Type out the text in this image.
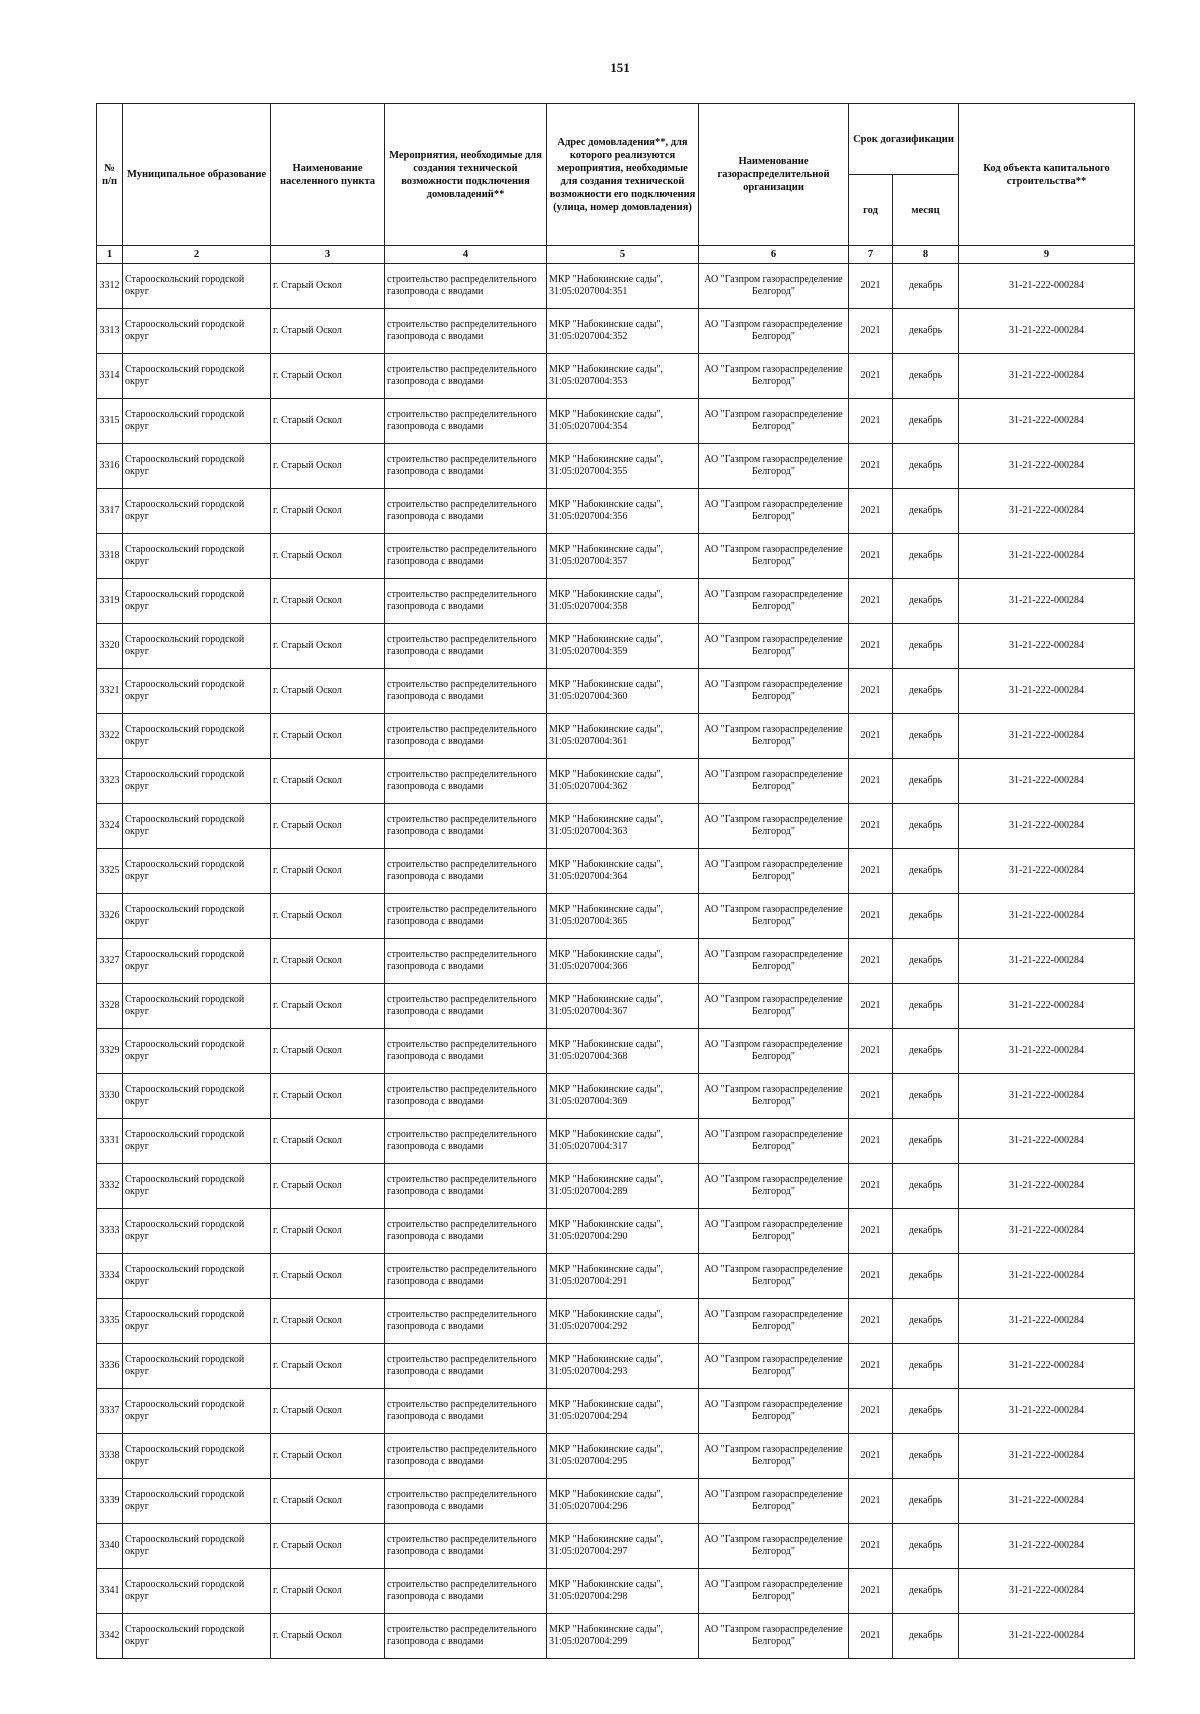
151
№ п/п	Муниципальное образование	Наименование населенного пункта	Мероприятия, необходимые для создания технической возможности подключения домовладений**	Адрес домовладения**, для которого реализуются мероприятия, необходимые для создания технической возможности его подключения (улица, номер домовладения)	Наименование газораспределительной организации	Срок догазификации		Код объекта капитального строительства**
						год	месяц	
1	2	3	4	5	6	7	8	9
3312	Старооскольский городской округ	г. Старый Оскол	строительство распределительного газопровода с вводами	МКР "Набокинские сады", 31:05:0207004:351	АО "Газпром газораспределение Белгород"	2021	декабрь	31-21-222-000284
3313	Старооскольский городской округ	г. Старый Оскол	строительство распределительного газопровода с вводами	МКР "Набокинские сады", 31:05:0207004:352	АО "Газпром газораспределение Белгород"	2021	декабрь	31-21-222-000284
3314	Старооскольский городской округ	г. Старый Оскол	строительство распределительного газопровода с вводами	МКР "Набокинские сады", 31:05:0207004:353	АО "Газпром газораспределение Белгород"	2021	декабрь	31-21-222-000284
3315	Старооскольский городской округ	г. Старый Оскол	строительство распределительного газопровода с вводами	МКР "Набокинские сады", 31:05:0207004:354	АО "Газпром газораспределение Белгород"	2021	декабрь	31-21-222-000284
3316	Старооскольский городской округ	г. Старый Оскол	строительство распределительного газопровода с вводами	МКР "Набокинские сады", 31:05:0207004:355	АО "Газпром газораспределение Белгород"	2021	декабрь	31-21-222-000284
3317	Старооскольский городской округ	г. Старый Оскол	строительство распределительного газопровода с вводами	МКР "Набокинские сады", 31:05:0207004:356	АО "Газпром газораспределение Белгород"	2021	декабрь	31-21-222-000284
3318	Старооскольский городской округ	г. Старый Оскол	строительство распределительного газопровода с вводами	МКР "Набокинские сады", 31:05:0207004:357	АО "Газпром газораспределение Белгород"	2021	декабрь	31-21-222-000284
3319	Старооскольский городской округ	г. Старый Оскол	строительство распределительного газопровода с вводами	МКР "Набокинские сады", 31:05:0207004:358	АО "Газпром газораспределение Белгород"	2021	декабрь	31-21-222-000284
3320	Старооскольский городской округ	г. Старый Оскол	строительство распределительного газопровода с вводами	МКР "Набокинские сады", 31:05:0207004:359	АО "Газпром газораспределение Белгород"	2021	декабрь	31-21-222-000284
3321	Старооскольский городской округ	г. Старый Оскол	строительство распределительного газопровода с вводами	МКР "Набокинские сады", 31:05:0207004:360	АО "Газпром газораспределение Белгород"	2021	декабрь	31-21-222-000284
3322	Старооскольский городской округ	г. Старый Оскол	строительство распределительного газопровода с вводами	МКР "Набокинские сады", 31:05:0207004:361	АО "Газпром газораспределение Белгород"	2021	декабрь	31-21-222-000284
3323	Старооскольский городской округ	г. Старый Оскол	строительство распределительного газопровода с вводами	МКР "Набокинские сады", 31:05:0207004:362	АО "Газпром газораспределение Белгород"	2021	декабрь	31-21-222-000284
3324	Старооскольский городской округ	г. Старый Оскол	строительство распределительного газопровода с вводами	МКР "Набокинские сады", 31:05:0207004:363	АО "Газпром газораспределение Белгород"	2021	декабрь	31-21-222-000284
3325	Старооскольский городской округ	г. Старый Оскол	строительство распределительного газопровода с вводами	МКР "Набокинские сады", 31:05:0207004:364	АО "Газпром газораспределение Белгород"	2021	декабрь	31-21-222-000284
3326	Старооскольский городской округ	г. Старый Оскол	строительство распределительного газопровода с вводами	МКР "Набокинские сады", 31:05:0207004:365	АО "Газпром газораспределение Белгород"	2021	декабрь	31-21-222-000284
3327	Старооскольский городской округ	г. Старый Оскол	строительство распределительного газопровода с вводами	МКР "Набокинские сады", 31:05:0207004:366	АО "Газпром газораспределение Белгород"	2021	декабрь	31-21-222-000284
3328	Старооскольский городской округ	г. Старый Оскол	строительство распределительного газопровода с вводами	МКР "Набокинские сады", 31:05:0207004:367	АО "Газпром газораспределение Белгород"	2021	декабрь	31-21-222-000284
3329	Старооскольский городской округ	г. Старый Оскол	строительство распределительного газопровода с вводами	МКР "Набокинские сады", 31:05:0207004:368	АО "Газпром газораспределение Белгород"	2021	декабрь	31-21-222-000284
3330	Старооскольский городской округ	г. Старый Оскол	строительство распределительного газопровода с вводами	МКР "Набокинские сады", 31:05:0207004:369	АО "Газпром газораспределение Белгород"	2021	декабрь	31-21-222-000284
3331	Старооскольский городской округ	г. Старый Оскол	строительство распределительного газопровода с вводами	МКР "Набокинские сады", 31:05:0207004:317	АО "Газпром газораспределение Белгород"	2021	декабрь	31-21-222-000284
3332	Старооскольский городской округ	г. Старый Оскол	строительство распределительного газопровода с вводами	МКР "Набокинские сады", 31:05:0207004:289	АО "Газпром газораспределение Белгород"	2021	декабрь	31-21-222-000284
3333	Старооскольский городской округ	г. Старый Оскол	строительство распределительного газопровода с вводами	МКР "Набокинские сады", 31:05:0207004:290	АО "Газпром газораспределение Белгород"	2021	декабрь	31-21-222-000284
3334	Старооскольский городской округ	г. Старый Оскол	строительство распределительного газопровода с вводами	МКР "Набокинские сады", 31:05:0207004:291	АО "Газпром газораспределение Белгород"	2021	декабрь	31-21-222-000284
3335	Старооскольский городской округ	г. Старый Оскол	строительство распределительного газопровода с вводами	МКР "Набокинские сады", 31:05:0207004:292	АО "Газпром газораспределение Белгород"	2021	декабрь	31-21-222-000284
3336	Старооскольский городской округ	г. Старый Оскол	строительство распределительного газопровода с вводами	МКР "Набокинские сады", 31:05:0207004:293	АО "Газпром газораспределение Белгород"	2021	декабрь	31-21-222-000284
3337	Старооскольский городской округ	г. Старый Оскол	строительство распределительного газопровода с вводами	МКР "Набокинские сады", 31:05:0207004:294	АО "Газпром газораспределение Белгород"	2021	декабрь	31-21-222-000284
3338	Старооскольский городской округ	г. Старый Оскол	строительство распределительного газопровода с вводами	МКР "Набокинские сады", 31:05:0207004:295	АО "Газпром газораспределение Белгород"	2021	декабрь	31-21-222-000284
3339	Старооскольский городской округ	г. Старый Оскол	строительство распределительного газопровода с вводами	МКР "Набокинские сады", 31:05:0207004:296	АО "Газпром газораспределение Белгород"	2021	декабрь	31-21-222-000284
3340	Старооскольский городской округ	г. Старый Оскол	строительство распределительного газопровода с вводами	МКР "Набокинские сады", 31:05:0207004:297	АО "Газпром газораспределение Белгород"	2021	декабрь	31-21-222-000284
3341	Старооскольский городской округ	г. Старый Оскол	строительство распределительного газопровода с вводами	МКР "Набокинские сады", 31:05:0207004:298	АО "Газпром газораспределение Белгород"	2021	декабрь	31-21-222-000284
3342	Старооскольский городской округ	г. Старый Оскол	строительство распределительного газопровода с вводами	МКР "Набокинские сады", 31:05:0207004:299	АО "Газпром газораспределение Белгород"	2021	декабрь	31-21-222-000284
